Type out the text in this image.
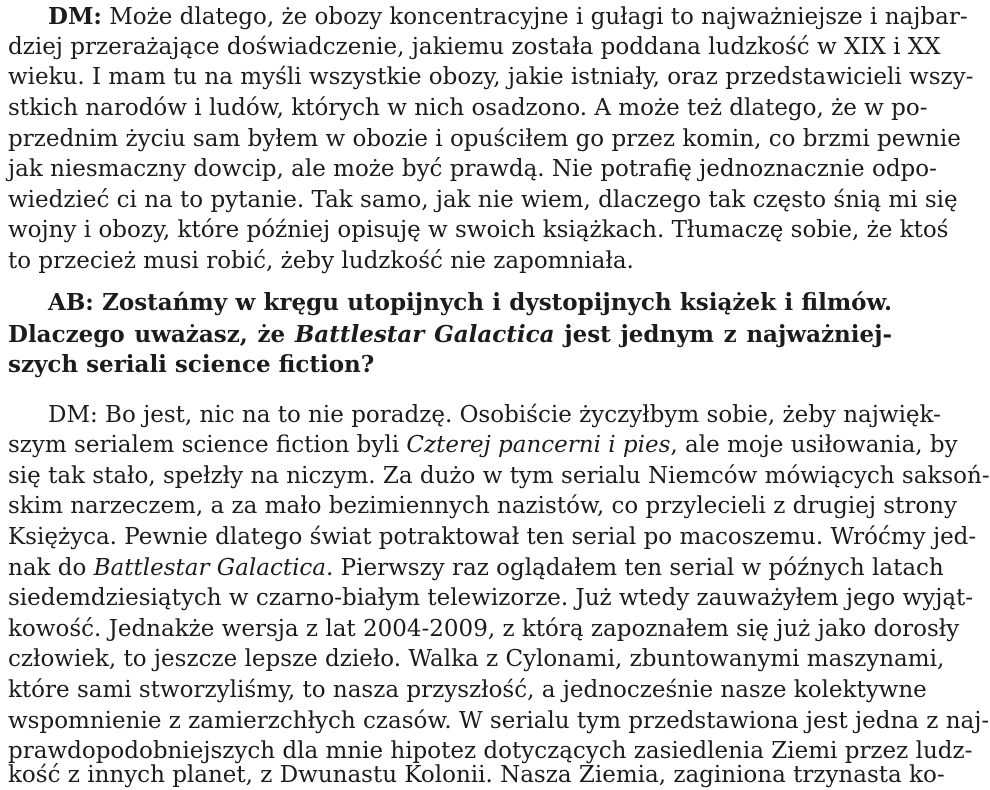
DM: Może dlatego, że obozy koncentracyjne i gułagi to najważniejsze i najbar-
dziej przerażające doświadczenie, jakiemu została poddana ludzkość w XIX i XX
wieku. I mam tu na myśli wszystkie obozy, jakie istniały, oraz przedstawicieli wszy-
stkich narodów i ludów, których w nich osadzono. A może też dlatego, że w po-
przednim życiu sam byłem w obozie i opuściłem go przez komin, co brzmi pewnie
jak niesmaczny dowcip, ale może być prawdą. Nie potrafię jednoznacznie odpo-
wiedzieć ci na to pytanie. Tak samo, jak nie wiem, dlaczego tak często śnią mi się
wojny i obozy, które później opisuję w swoich książkach. Tłumaczę sobie, że ktoś
to przecież musi robić, żeby ludzkość nie zapomniała.
AB: Zostańmy w kręgu utopijnych i dystopijnych książek i filmów.
Dlaczego uważasz, że Battlestar Galactica jest jednym z najważniej-
szych seriali science fiction?
DM: Bo jest, nic na to nie poradzę. Osobiście życzyłbym sobie, żeby najwięk-
szym serialem science fiction byli Czterej pancerni i pies, ale moje usiłowania, by
się tak stało, spełzły na niczym. Za dużo w tym serialu Niemców mówiących saksoń-
skim narzeczem, a za mało bezimiennych nazistów, co przylecieli z drugiej strony
Księżyca. Pewnie dlatego świat potraktował ten serial po macoszemu. Wróćmy jed-
nak do Battlestar Galactica. Pierwszy raz oglądałem ten serial w późnych latach
siedemdziesiątych w czarno-białym telewizorze. Już wtedy zauważyłem jego wyjąt-
kowość. Jednakże wersja z lat 2004-2009, z którą zapoznałem się już jako dorosły
człowiek, to jeszcze lepsze dzieło. Walka z Cylonami, zbuntowanymi maszynami,
które sami stworzyliśmy, to nasza przyszłość, a jednocześnie nasze kolektywne
wspomnienie z zamierzchłych czasów. W serialu tym przedstawiona jest jedna z naj-
prawdopodobniejszych dla mnie hipotez dotyczących zasiedlenia Ziemi przez ludz-
kość z innych planet, z Dwunastu Kolonii. Nasza Ziemia, zaginiona trzynasta ko-
